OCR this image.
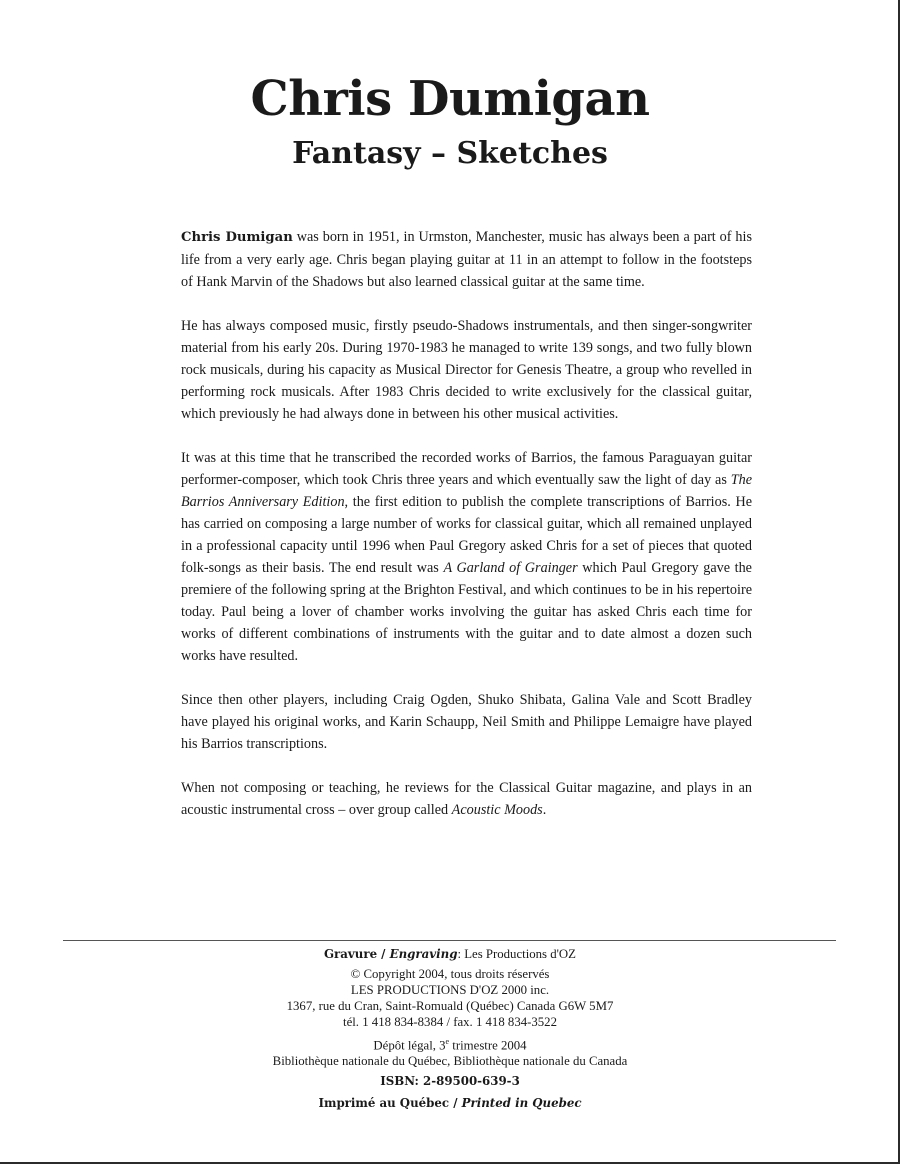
Chris Dumigan
Fantasy – Sketches

Chris Dumigan was born in 1951, in Urmston, Manchester, music has always been a part of his life from a very early age. Chris began playing guitar at 11 in an attempt to follow in the footsteps of Hank Marvin of the Shadows but also learned classical guitar at the same time.

He has always composed music, firstly pseudo-Shadows instrumentals, and then singer-songwriter material from his early 20s. During 1970-1983 he managed to write 139 songs, and two fully blown rock musicals, during his capacity as Musical Director for Genesis Theatre, a group who revelled in performing rock musicals. After 1983 Chris decided to write exclusively for the classical guitar, which previously he had always done in between his other musical activities.

It was at this time that he transcribed the recorded works of Barrios, the famous Paraguayan guitar performer-composer, which took Chris three years and which eventually saw the light of day as The Barrios Anniversary Edition, the first edition to publish the complete transcriptions of Barrios. He has carried on composing a large number of works for classical guitar, which all remained unplayed in a professional capacity until 1996 when Paul Gregory asked Chris for a set of pieces that quoted folk-songs as their basis. The end result was A Garland of Grainger which Paul Gregory gave the premiere of the following spring at the Brighton Festival, and which continues to be in his repertoire today. Paul being a lover of chamber works involving the guitar has asked Chris each time for works of different combinations of instruments with the guitar and to date almost a dozen such works have resulted.

Since then other players, including Craig Ogden, Shuko Shibata, Galina Vale and Scott Bradley have played his original works, and Karin Schaupp, Neil Smith and Philippe Lemaigre have played his Barrios transcriptions.

When not composing or teaching, he reviews for the Classical Guitar magazine, and plays in an acoustic instrumental cross – over group called Acoustic Moods.

Gravure / Engraving: Les Productions d'OZ

© Copyright 2004, tous droits réservés

LES PRODUCTIONS D'OZ 2000 inc.

1367, rue du Cran, Saint-Romuald (Québec) Canada G6W 5M7

tél. 1 418 834-8384 / fax. 1 418 834-3522

Dépôt légal, 3e trimestre 2004

Bibliothèque nationale du Québec, Bibliothèque nationale du Canada

ISBN: 2-89500-639-3

Imprimé au Québec / Printed in Quebec
